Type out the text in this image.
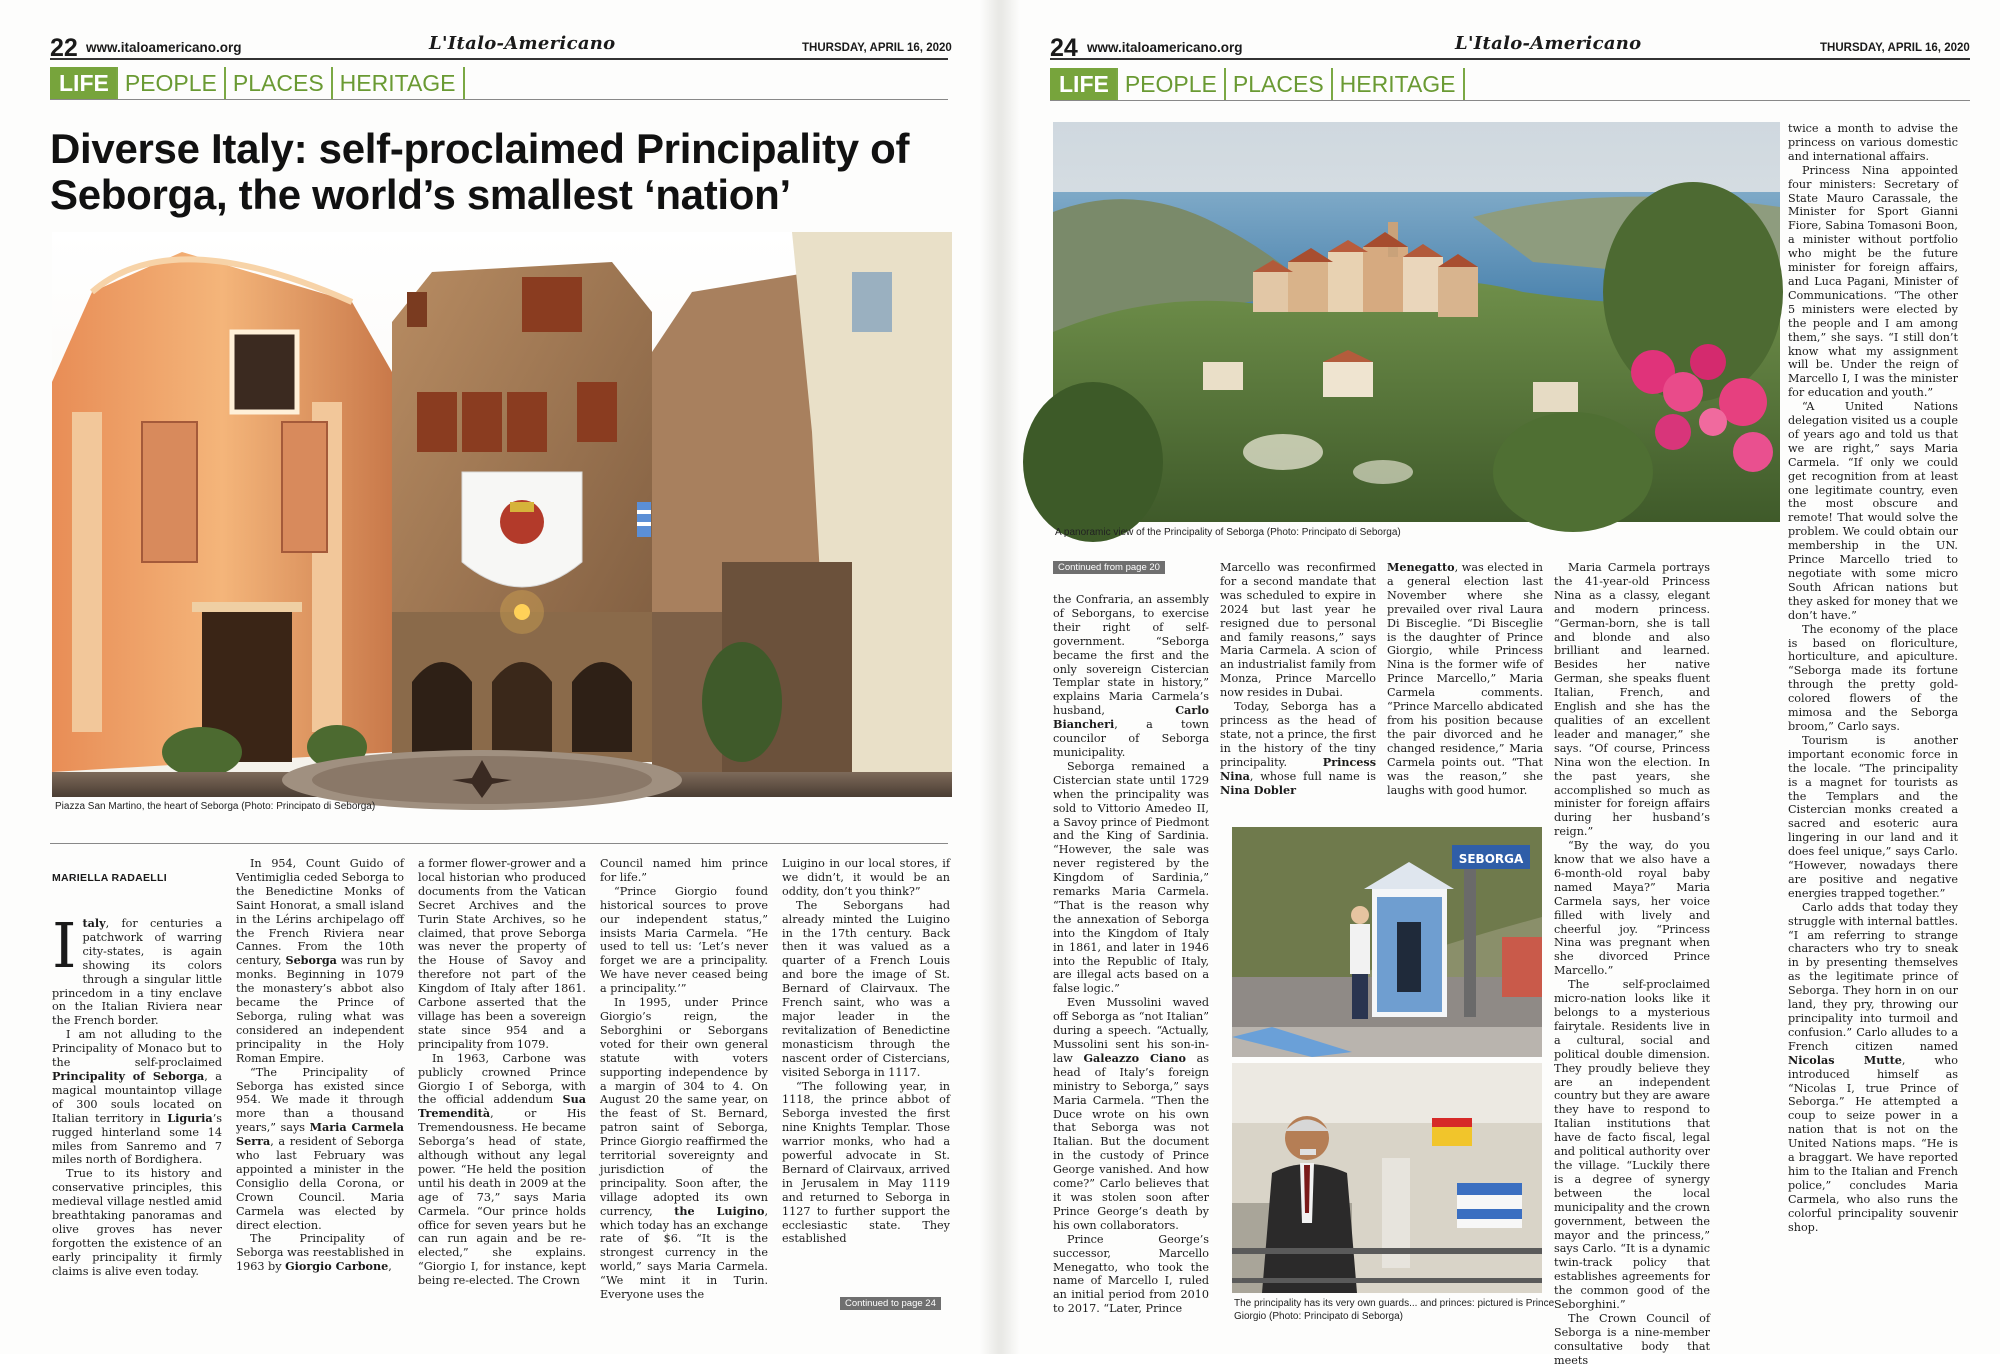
22 www.italoamericano.org	L'Italo-Americano	THURSDAY, APRIL 16, 2020
LIFE PEOPLE PLACES HERITAGE
Diverse Italy: self-proclaimed Principality of
Seborga, the world’s smallest ‘nation’
Piazza San Martino, the heart of Seborga (Photo: Principato di Seborga)
MARIELLA RADAELLI

Italy, for centuries a patchwork of warring city-states, is again showing its colors through a singular little princedom in a tiny enclave on the Italian Riviera near the French border.

I am not alluding to the Principality of Monaco but to the self-proclaimed Principality of Seborga, a magical mountaintop village of 300 souls located on Italian territory in Liguria’s rugged hinterland some 14 miles from Sanremo and 7 miles north of Bordighera.

True to its history and conservative principles, this medieval village nestled amid breathtaking panoramas and olive groves has never forgotten the existence of an early principality it firmly claims is alive even today.

In 954, Count Guido of Ventimiglia ceded Seborga to the Benedictine Monks of Saint Honorat, a small island in the Lérins archipelago off the French Riviera near Cannes. From the 10th century, Seborga was run by monks. Beginning in 1079 the monastery’s abbot also became the Prince of Seborga, ruling what was considered an independent principality in the Holy Roman Empire.

“The Principality of Seborga has existed since 954. We made it through more than a thousand years,” says Maria Carmela Serra, a resident of Seborga who last February was appointed a minister in the Consiglio della Corona, or Crown Council. Maria Carmela was elected by direct election.

The Principality of Seborga was reestablished in 1963 by Giorgio Carbone,

a former flower-grower and a local historian who produced documents from the Vatican Secret Archives and the Turin State Archives, so he claimed, that prove Seborga was never the property of the House of Savoy and therefore not part of the Kingdom of Italy after 1861. Carbone asserted that the village has been a sovereign state since 954 and a principality from 1079.

In 1963, Carbone was publicly crowned Prince Giorgio I of Seborga, with the official addendum Sua Tremendità, or His Tremendousness. He became Seborga’s head of state, although without any legal power. “He held the position until his death in 2009 at the age of 73,” says Maria Carmela. “Our prince holds office for seven years but he can run again and be re-elected,” she explains. “Giorgio I, for instance, kept being re-elected. The Crown

Council named him prince for life.”

“Prince Giorgio found historical sources to prove our independent status,” insists Maria Carmela. “He used to tell us: ‘Let’s never forget we are a principality. We have never ceased being a principality.’”

In 1995, under Prince Giorgio’s reign, the Seborghini or Seborgans voted for their own general statute with voters supporting independence by a margin of 304 to 4. On August 20 the same year, on the feast of St. Bernard, patron saint of Seborga, Prince Giorgio reaffirmed the territorial sovereignty and jurisdiction of the principality. Soon after, the village adopted its own currency, the Luigino, which today has an exchange rate of $6. “It is the strongest currency in the world,” says Maria Carmela. “We mint it in Turin. Everyone uses the

Luigino in our local stores, if we didn’t, it would be an oddity, don’t you think?”

The Seborgans had already minted the Luigino in the 17th century. Back then it was valued as a quarter of a French Louis and bore the image of St. Bernard of Clairvaux. The French saint, who was a major leader in the revitalization of Benedictine monasticism through the nascent order of Cistercians, visited Seborga in 1117.

“The following year, in 1118, the prince abbot of Seborga invested the first nine Knights Templar. Those warrior monks, who had a powerful advocate in St. Bernard of Clairvaux, arrived in Jerusalem in May 1119 and returned to Seborga in 1127 to further support the ecclesiastic state. They established

Continued to page 24
24 www.italoamericano.org	L'Italo-Americano	THURSDAY, APRIL 16, 2020
LIFE PEOPLE PLACES HERITAGE
A panoramic view of the Principality of Seborga (Photo: Principato di Seborga)
Continued from page 20

the Confraria, an assembly of Seborgans, to exercise their right of self- government. “Seborga became the first and the only sovereign Cistercian Templar state in history,” explains Maria Carmela’s husband, Carlo Biancheri, a town councilor of Seborga municipality.

Seborga remained a Cistercian state until 1729 when the principality was sold to Vittorio Amedeo II, a Savoy prince of Piedmont and the King of Sardinia. “However, the sale was never registered by the Kingdom of Sardinia,” remarks Maria Carmela. “That is the reason why the annexation of Seborga into the Kingdom of Italy in 1861, and later in 1946 into the Republic of Italy, are illegal acts based on a false logic.”

Even Mussolini waved off Seborga as “not Italian” during a speech. “Actually, Mussolini sent his son-in-law Galeazzo Ciano as head of Italy’s foreign ministry to Seborga,” says Maria Carmela. “Then the Duce wrote on his own that Seborga was not Italian. But the document in the custody of Prince George vanished. And how come?” Carlo believes that it was stolen soon after Prince George’s death by his own collaborators.

Prince George’s successor, Marcello Menegatto, who took the name of Marcello I, ruled an initial period from 2010 to 2017. “Later, Prince

Marcello was reconfirmed for a second mandate that was scheduled to expire in 2024 but last year he resigned due to personal and family reasons,” says Maria Carmela. A scion of an industrialist family from Monza, Prince Marcello now resides in Dubai.

Today, Seborga has a princess as the head of state, not a prince, the first in the history of the tiny principality. Princess Nina, whose full name is Nina Dobler

Menegatto, was elected in a general election last November where she prevailed over rival Laura Di Bisceglie. “Di Bisceglie is the daughter of Prince Giorgio, while Princess Nina is the former wife of Prince Marcello,” Maria Carmela comments. “Prince Marcello abdicated from his position because the pair divorced and he changed residence,” Maria Carmela points out. “That was the reason,” she laughs with good humor.

SEBORGA
The principality has its very own guards... and princes: pictured is Prince
Giorgio (Photo: Principato di Seborga)

Maria Carmela portrays the 41-year-old Princess Nina as a classy, elegant and modern princess. “German-born, she is tall and blonde and also brilliant and learned. Besides her native German, she speaks fluent Italian, French, and English and she has the qualities of an excellent leader and manager,” she says. “Of course, Princess Nina won the election. In the past years, she accomplished so much as minister for foreign affairs during her husband’s reign.”

“By the way, do you know that we also have a 6-month-old royal baby named Maya?” Maria Carmela says, her voice filled with lively and cheerful joy. “Princess Nina was pregnant when she divorced Prince Marcello.”

The self-proclaimed micro-nation looks like it belongs to a mysterious fairytale. Residents live in a cultural, social and political double dimension. They proudly believe they are an independent country but they are aware they have to respond to Italian institutions that have de facto fiscal, legal and political authority over the village. “Luckily there is a degree of synergy between the local municipality and the crown government, between the mayor and the princess,” says Carlo. “It is a dynamic twin-track policy that establishes agreements for the common good of the Seborghini.”

The Crown Council of Seborga is a nine-member consultative body that meets

twice a month to advise the princess on various domestic and international affairs.

Princess Nina appointed four ministers: Secretary of State Mauro Carassale, the Minister for Sport Gianni Fiore, Sabina Tomasoni Boon, a minister without portfolio who might be the future minister for foreign affairs, and Luca Pagani, Minister of Communications. “The other 5 ministers were elected by the people and I am among them,” she says. “I still don’t know what my assignment will be. Under the reign of Marcello I, I was the minister for education and youth.”

“A United Nations delegation visited us a couple of years ago and told us that we are right,” says Maria Carmela. “If only we could get recognition from at least one legitimate country, even the most obscure and remote! That would solve the problem. We could obtain our membership in the UN. Prince Marcello tried to negotiate with some micro South African nations but they asked for money that we don’t have.”

The economy of the place is based on floriculture, horticulture, and apiculture. “Seborga made its fortune through the pretty gold-colored flowers of the mimosa and the Seborga broom,” Carlo says.

Tourism is another important economic force in the locale. “The principality is a magnet for tourists as the Templars and the Cistercian monks created a sacred and esoteric aura lingering in our land and it does feel unique,” says Carlo. “However, nowadays there are positive and negative energies trapped together.”

Carlo adds that today they struggle with internal battles. “I am referring to strange characters who try to sneak in by presenting themselves as the legitimate prince of Seborga. They horn in on our land, they pry, throwing our principality into turmoil and confusion.” Carlo alludes to a French citizen named Nicolas Mutte, who introduced himself as “Nicolas I, true Prince of Seborga.” He attempted a coup to seize power in a nation that is not on the United Nations maps. “He is a braggart. We have reported him to the Italian and French police,” concludes Maria Carmela, who also runs the colorful principality souvenir shop.
